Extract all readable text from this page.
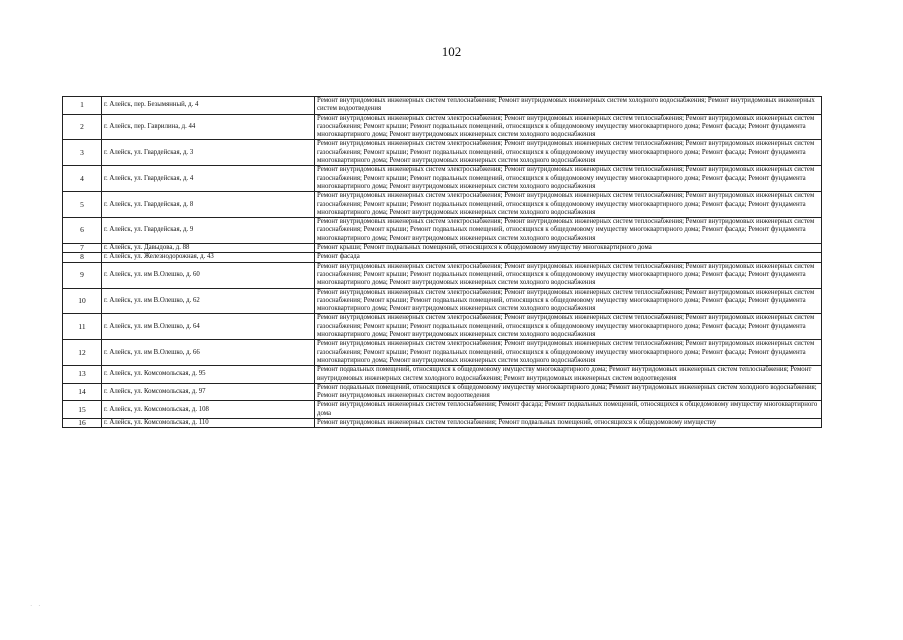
102
1	г. Алейск, пер. Безымянный, д. 4	Ремонт внутридомовых инженерных систем теплоснабжения; Ремонт внутридомовых инженерных систем холодного водоснабжения; Ремонт внутридомовых инженерных систем водоотведения
2	г. Алейск, пер. Гаврилина, д. 44	Ремонт внутридомовых инженерных систем электроснабжения; Ремонт внутридомовых инженерных систем теплоснабжения; Ремонт внутридомовых инженерных систем газоснабжения; Ремонт крыши; Ремонт подвальных помещений, относящихся к общедомовому имуществу многоквартирного дома; Ремонт фасада; Ремонт фундамента многоквартирного дома; Ремонт внутридомовых инженерных систем холодного водоснабжения
3	г. Алейск, ул. Гвардейская, д. 3	Ремонт внутридомовых инженерных систем электроснабжения; Ремонт внутридомовых инженерных систем теплоснабжения; Ремонт внутридомовых инженерных систем газоснабжения; Ремонт крыши; Ремонт подвальных помещений, относящихся к общедомовому имуществу многоквартирного дома; Ремонт фасада; Ремонт фундамента многоквартирного дома; Ремонт внутридомовых инженерных систем холодного водоснабжения
4	г. Алейск, ул. Гвардейская, д. 4	Ремонт внутридомовых инженерных систем электроснабжения; Ремонт внутридомовых инженерных систем теплоснабжения; Ремонт внутридомовых инженерных систем газоснабжения; Ремонт крыши; Ремонт подвальных помещений, относящихся к общедомовому имуществу многоквартирного дома; Ремонт фасада; Ремонт фундамента многоквартирного дома; Ремонт внутридомовых инженерных систем холодного водоснабжения
5	г. Алейск, ул. Гвардейская, д. 8	Ремонт внутридомовых инженерных систем электроснабжения; Ремонт внутридомовых инженерных систем теплоснабжения; Ремонт внутридомовых инженерных систем газоснабжения; Ремонт крыши; Ремонт подвальных помещений, относящихся к общедомовому имуществу многоквартирного дома; Ремонт фасада; Ремонт фундамента многоквартирного дома; Ремонт внутридомовых инженерных систем холодного водоснабжения
6	г. Алейск, ул. Гвардейская, д. 9	Ремонт внутридомовых инженерных систем электроснабжения; Ремонт внутридомовых инженерных систем теплоснабжения; Ремонт внутридомовых инженерных систем газоснабжения; Ремонт крыши; Ремонт подвальных помещений, относящихся к общедомовому имуществу многоквартирного дома; Ремонт фасада; Ремонт фундамента многоквартирного дома; Ремонт внутридомовых инженерных систем холодного водоснабжения
7	г. Алейск, ул. Давыдова, д. 88	Ремонт крыши; Ремонт подвальных помещений, относящихся к общедомовому имуществу многоквартирного дома
8	г. Алейск, ул. Железнодорожная, д. 43	Ремонт фасада
9	г. Алейск, ул. им В.Олешко, д. 60	Ремонт внутридомовых инженерных систем электроснабжения; Ремонт внутридомовых инженерных систем теплоснабжения; Ремонт внутридомовых инженерных систем газоснабжения; Ремонт крыши; Ремонт подвальных помещений, относящихся к общедомовому имуществу многоквартирного дома; Ремонт фасада; Ремонт фундамента многоквартирного дома; Ремонт внутридомовых инженерных систем холодного водоснабжения
10	г. Алейск, ул. им В.Олешко, д. 62	Ремонт внутридомовых инженерных систем электроснабжения; Ремонт внутридомовых инженерных систем теплоснабжения; Ремонт внутридомовых инженерных систем газоснабжения; Ремонт крыши; Ремонт подвальных помещений, относящихся к общедомовому имуществу многоквартирного дома; Ремонт фасада; Ремонт фундамента многоквартирного дома; Ремонт внутридомовых инженерных систем холодного водоснабжения
11	г. Алейск, ул. им В.Олешко, д. 64	Ремонт внутридомовых инженерных систем электроснабжения; Ремонт внутридомовых инженерных систем теплоснабжения; Ремонт внутридомовых инженерных систем газоснабжения; Ремонт крыши; Ремонт подвальных помещений, относящихся к общедомовому имуществу многоквартирного дома; Ремонт фасада; Ремонт фундамента многоквартирного дома; Ремонт внутридомовых инженерных систем холодного водоснабжения
12	г. Алейск, ул. им В.Олешко, д. 66	Ремонт внутридомовых инженерных систем электроснабжения; Ремонт внутридомовых инженерных систем теплоснабжения; Ремонт внутридомовых инженерных систем газоснабжения; Ремонт крыши; Ремонт подвальных помещений, относящихся к общедомовому имуществу многоквартирного дома; Ремонт фасада; Ремонт фундамента многоквартирного дома; Ремонт внутридомовых инженерных систем холодного водоснабжения
13	г. Алейск, ул. Комсомольская, д. 95	Ремонт подвальных помещений, относящихся к общедомовому имуществу многоквартирного дома; Ремонт внутридомовых инженерных систем теплоснабжения; Ремонт внутридомовых инженерных систем холодного водоснабжения; Ремонт внутридомовых инженерных систем водоотведения
14	г. Алейск, ул. Комсомольская, д. 97	Ремонт подвальных помещений, относящихся к общедомовому имуществу многоквартирного дома; Ремонт внутридомовых инженерных систем холодного водоснабжения; Ремонт внутридомовых инженерных систем водоотведения
15	г. Алейск, ул. Комсомольская, д. 108	Ремонт внутридомовых инженерных систем теплоснабжения; Ремонт фасада; Ремонт подвальных помещений, относящихся к общедомовому имуществу многоквартирного дома
16	г. Алейск, ул. Комсомольская, д. 110	Ремонт внутридомовых инженерных систем теплоснабжения; Ремонт подвальных помещений, относящихся к общедомовому имуществу
· ·
